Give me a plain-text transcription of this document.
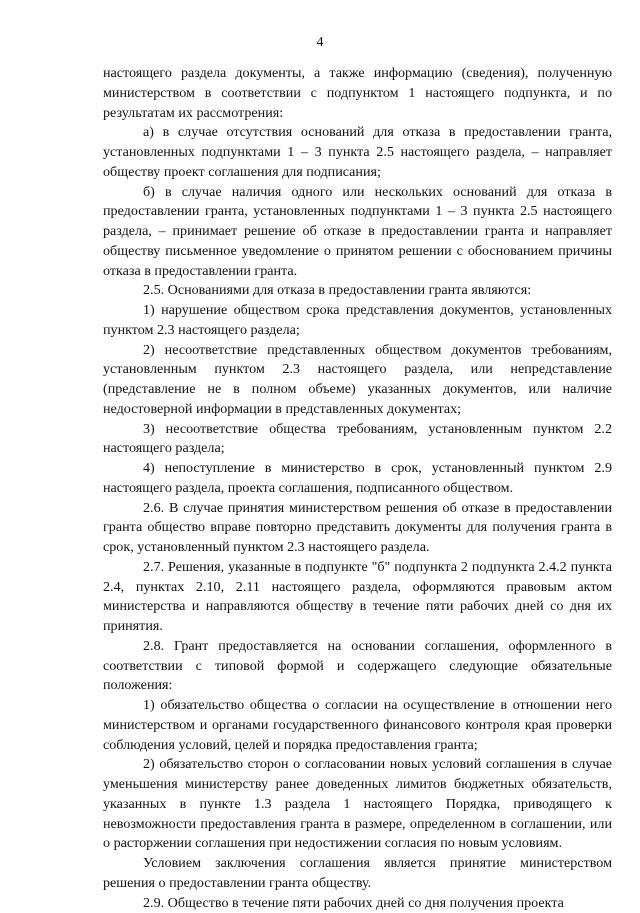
4

настоящего раздела документы, а также информацию (сведения), полученную министерством в соответствии с подпунктом 1 настоящего подпункта, и по результатам их рассмотрения:

а) в случае отсутствия оснований для отказа в предоставлении гранта, установленных подпунктами 1 – 3 пункта 2.5 настоящего раздела, – направляет обществу проект соглашения для подписания;

б) в случае наличия одного или нескольких оснований для отказа в предоставлении гранта, установленных подпунктами 1 – 3 пункта 2.5 настоящего раздела, – принимает решение об отказе в предоставлении гранта и направляет обществу письменное уведомление о принятом решении с обоснованием причины отказа в предоставлении гранта.

2.5. Основаниями для отказа в предоставлении гранта являются:

1) нарушение обществом срока представления документов, установленных пунктом 2.3 настоящего раздела;

2) несоответствие представленных обществом документов требованиям, установленным пунктом 2.3 настоящего раздела, или непредставление (представление не в полном объеме) указанных документов, или наличие недостоверной информации в представленных документах;

3) несоответствие общества требованиям, установленным пунктом 2.2 настоящего раздела;

4) непоступление в министерство в срок, установленный пунктом 2.9 настоящего раздела, проекта соглашения, подписанного обществом.

2.6. В случае принятия министерством решения об отказе в предоставлении гранта общество вправе повторно представить документы для получения гранта в срок, установленный пунктом 2.3 настоящего раздела.

2.7. Решения, указанные в подпункте "б" подпункта 2 подпункта 2.4.2 пункта 2.4, пунктах 2.10, 2.11 настоящего раздела, оформляются правовым актом министерства и направляются обществу в течение пяти рабочих дней со дня их принятия.

2.8. Грант предоставляется на основании соглашения, оформленного в соответствии с типовой формой и содержащего следующие обязательные положения:

1) обязательство общества о согласии на осуществление в отношении него министерством и органами государственного финансового контроля края проверки соблюдения условий, целей и порядка предоставления гранта;

2) обязательство сторон о согласовании новых условий соглашения в случае уменьшения министерству ранее доведенных лимитов бюджетных обязательств, указанных в пункте 1.3 раздела 1 настоящего Порядка, приводящего к невозможности предоставления гранта в размере, определенном в соглашении, или о расторжении соглашения при недостижении согласия по новым условиям.

Условием заключения соглашения является принятие министерством решения о предоставлении гранта обществу.

2.9. Общество в течение пяти рабочих дней со дня получения проекта
